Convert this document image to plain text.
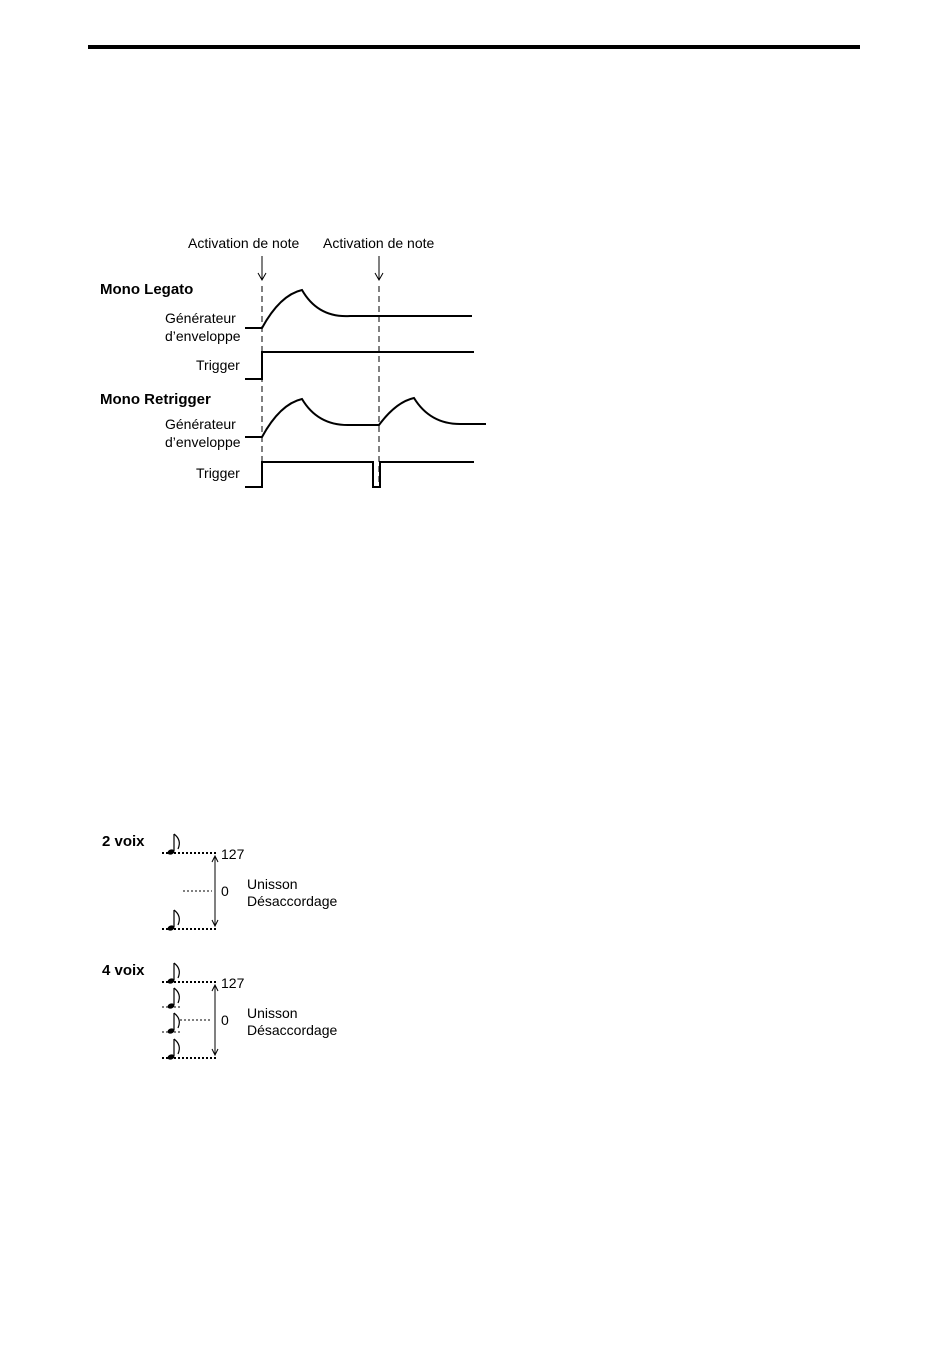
Activation de note Activation de note
Mono Legato
Générateur
d’enveloppe
Trigger
Mono Retrigger
Générateur
d’enveloppe
Trigger
2 voix
127
0 Unisson
Désaccordage
4 voix
127
0 Unisson
Désaccordage
